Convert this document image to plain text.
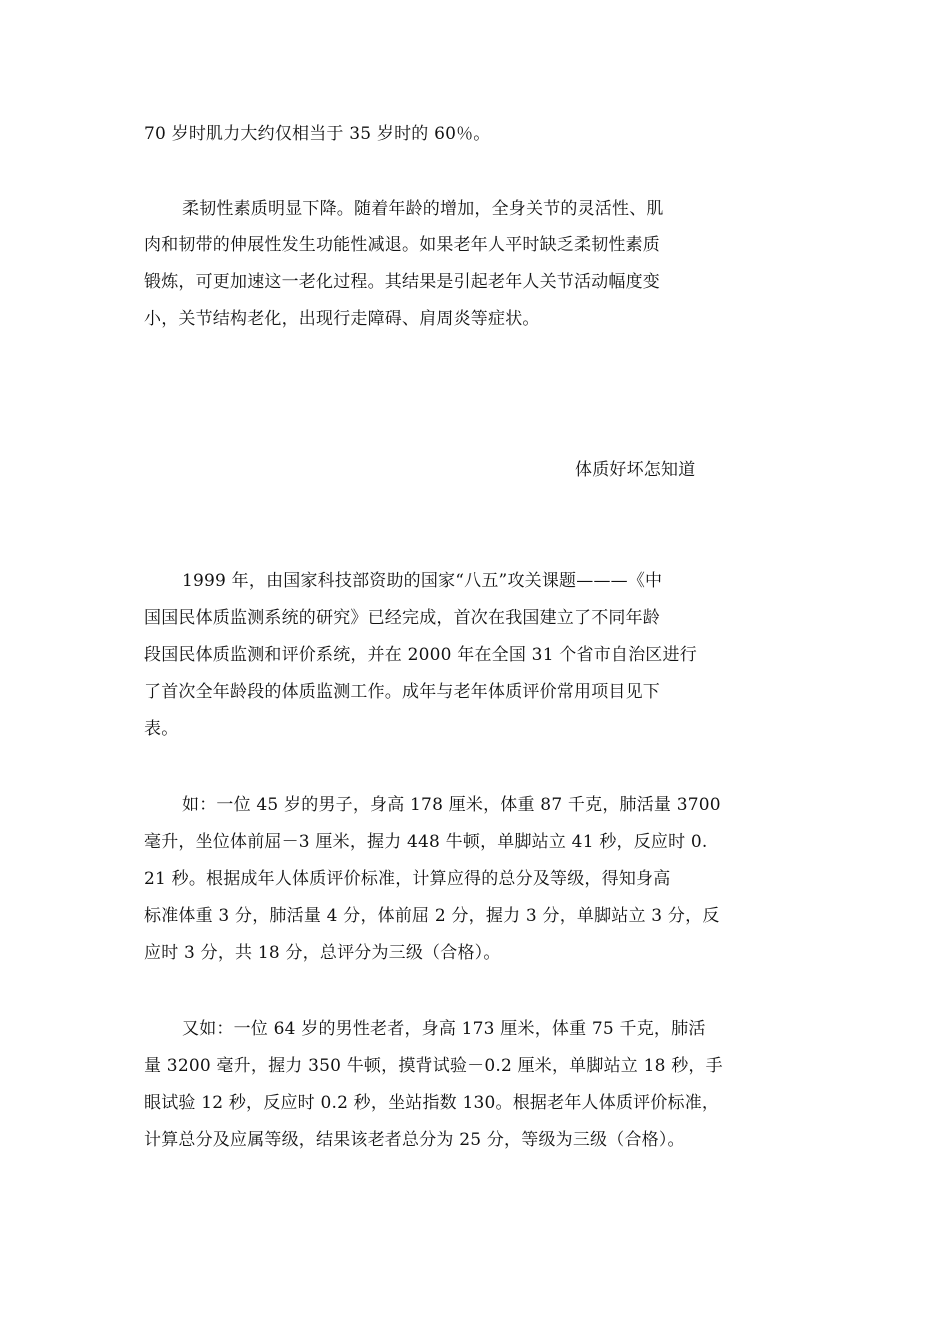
70 岁时肌力大约仅相当于 35 岁时的 60％。
柔韧性素质明显下降。随着年龄的增加，全身关节的灵活性、肌
肉和韧带的伸展性发生功能性减退。如果老年人平时缺乏柔韧性素质
锻炼，可更加速这一老化过程。其结果是引起老年人关节活动幅度变
小，关节结构老化，出现行走障碍、肩周炎等症状。
体质好坏怎知道
1999 年，由国家科技部资助的国家“八五”攻关课题———《中
国国民体质监测系统的研究》已经完成，首次在我国建立了不同年龄
段国民体质监测和评价系统，并在 2000 年在全国 31 个省市自治区进行
了首次全年龄段的体质监测工作。成年与老年体质评价常用项目见下
表。
如：一位 45 岁的男子，身高 178 厘米，体重 87 千克，肺活量 3700
毫升，坐位体前屈－3 厘米，握力 448 牛顿，单脚站立 41 秒，反应时 0.
21 秒。根据成年人体质评价标准，计算应得的总分及等级，得知身高
标准体重 3 分，肺活量 4 分，体前屈 2 分，握力 3 分，单脚站立 3 分，反
应时 3 分，共 18 分，总评分为三级（合格）。
又如：一位 64 岁的男性老者，身高 173 厘米，体重 75 千克，肺活
量 3200 毫升，握力 350 牛顿，摸背试验－0.2 厘米，单脚站立 18 秒，手
眼试验 12 秒，反应时 0.2 秒，坐站指数 130。根据老年人体质评价标准，
计算总分及应属等级，结果该老者总分为 25 分，等级为三级（合格）。
